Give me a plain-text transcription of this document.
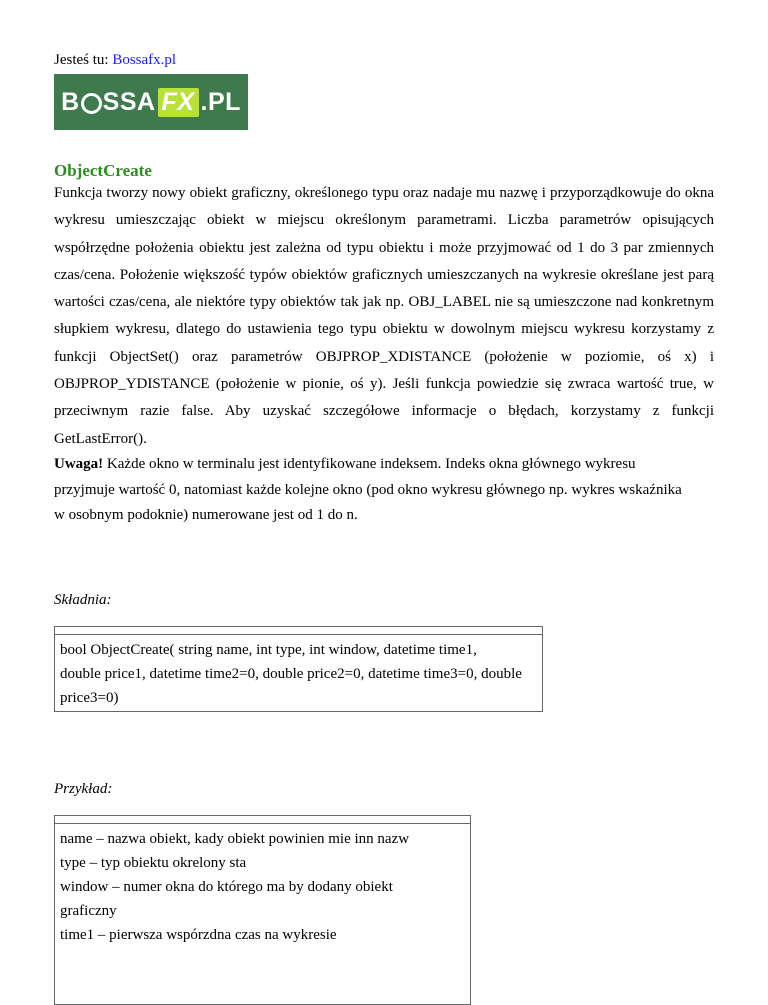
Jesteś tu: Bossafx.pl
B SSA FX .PL
ObjectCreate

Funkcja tworzy nowy obiekt graficzny, określonego typu oraz nadaje mu nazwę i przyporządkowuje do okna wykresu umieszczając obiekt w miejscu określonym parametrami. Liczba parametrów opisujących współrzędne położenia obiektu jest zależna od typu obiektu i może przyjmować od 1 do 3 par zmiennych czas/cena. Położenie większość typów obiektów graficznych umieszczanych na wykresie określane jest parą wartości czas/cena, ale niektóre typy obiektów tak jak np. OBJ_LABEL nie są umieszczone nad konkretnym słupkiem wykresu, dlatego do ustawienia tego typu obiektu w dowolnym miejscu wykresu korzystamy z funkcji ObjectSet() oraz parametrów OBJPROP_XDISTANCE (położenie w poziomie, oś x) i OBJPROP_YDISTANCE (położenie w pionie, oś y). Jeśli funkcja powiedzie się zwraca wartość true, w przeciwnym razie false. Aby uzyskać szczegółowe informacje o błędach, korzystamy z funkcji GetLastError().

Uwaga! Każde okno w terminalu jest identyfikowane indeksem. Indeks okna głównego wykresu
przyjmuje wartość 0, natomiast każde kolejne okno (pod okno wykresu głównego np. wykres wskaźnika
w osobnym podoknie) numerowane jest od 1 do n.

Składnia:

bool ObjectCreate( string name, int type, int window, datetime time1,
double price1, datetime time2=0, double price2=0, datetime time3=0, double
price3=0)

Przykład:

name – nazwa obiekt, kady obiekt powinien mie inn nazw
type – typ obiektu okrelony sta
window – numer okna do którego ma by dodany obiekt
graficzny
time1 – pierwsza wspórzdna czas na wykresie
